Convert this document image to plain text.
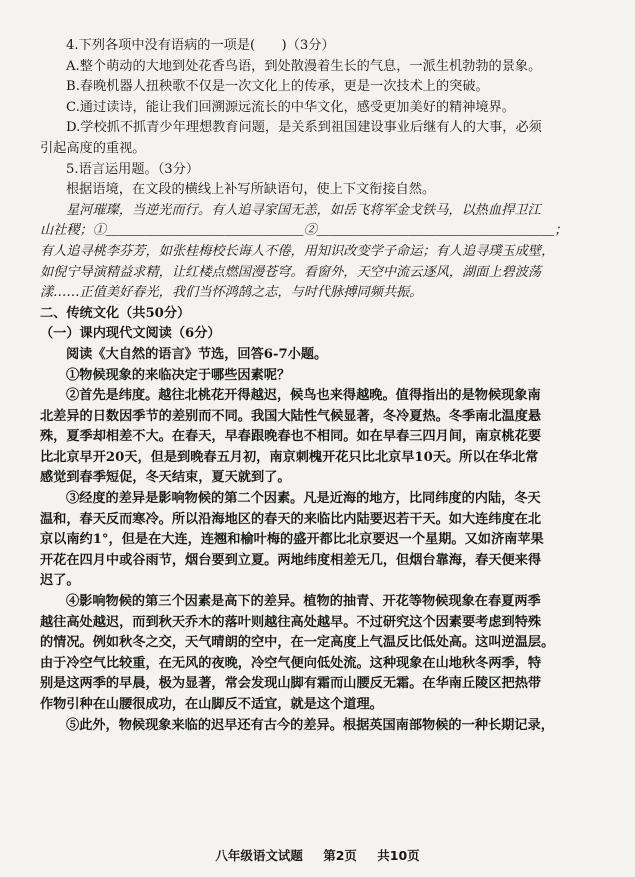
4.下列各项中没有语病的一项是(　　)（3分）
A.整个萌动的大地到处花香鸟语，到处散漫着生长的气息，一派生机勃勃的景象。
B.春晚机器人扭秧歌不仅是一次文化上的传承，更是一次技术上的突破。
C.通过读诗，能让我们回溯源远流长的中华文化，感受更加美好的精神境界。
D.学校抓不抓青少年理想教育问题，是关系到祖国建设事业后继有人的大事，必须
引起高度的重视。
5.语言运用题。（3分）
根据语境，在文段的横线上补写所缺语句，使上下文衔接自然。
星河璀璨，当逆光而行。有人追寻家国无恙，如岳飞将军金戈铁马，以热血捍卫江
山社稷；①＿＿＿＿＿＿＿＿＿＿＿＿＿＿＿②＿＿＿＿＿＿＿＿＿＿＿＿＿＿＿＿＿＿；
有人追寻桃李芬芳，如张桂梅校长诲人不倦，用知识改变学子命运；有人追寻璞玉成壁，
如倪宁导演精益求精，让红楼点燃国漫苍穹。看窗外，天空中流云逐风，湖面上碧波荡
漾……正值美好春光，我们当怀鸿鹄之志，与时代脉搏同频共振。
二、传统文化（共50分）
（一）课内现代文阅读（6分）
阅读《大自然的语言》节选，回答6-7小题。
①物候现象的来临决定于哪些因素呢？
②首先是纬度。越往北桃花开得越迟，候鸟也来得越晚。值得指出的是物候现象南
北差异的日数因季节的差别而不同。我国大陆性气候显著，冬冷夏热。冬季南北温度悬
殊，夏季却相差不大。在春天，早春跟晚春也不相同。如在早春三四月间，南京桃花要
比北京早开20天，但是到晚春五月初，南京刺槐开花只比北京早10天。所以在华北常
感觉到春季短促，冬天结束，夏天就到了。
③经度的差异是影响物候的第二个因素。凡是近海的地方，比同纬度的内陆，冬天
温和，春天反而寒冷。所以沿海地区的春天的来临比内陆要迟若干天。如大连纬度在北
京以南约1°，但是在大连，连翘和榆叶梅的盛开都比北京要迟一个星期。又如济南苹果
开花在四月中或谷雨节，烟台要到立夏。两地纬度相差无几，但烟台靠海，春天便来得
迟了。
④影响物候的第三个因素是高下的差异。植物的抽青、开花等物候现象在春夏两季
越往高处越迟，而到秋天乔木的落叶则越往高处越早。不过研究这个因素要考虑到特殊
的情况。例如秋冬之交，天气晴朗的空中，在一定高度上气温反比低处高。这叫逆温层。
由于冷空气比较重，在无风的夜晚，冷空气便向低处流。这种现象在山地秋冬两季，特
别是这两季的早晨，极为显著，常会发现山脚有霜而山腰反无霜。在华南丘陵区把热带
作物引种在山腰很成功，在山脚反不适宜，就是这个道理。
⑤此外，物候现象来临的迟早还有古今的差异。根据英国南部物候的一种长期记录，
八年级语文试题 第2页 共10页
